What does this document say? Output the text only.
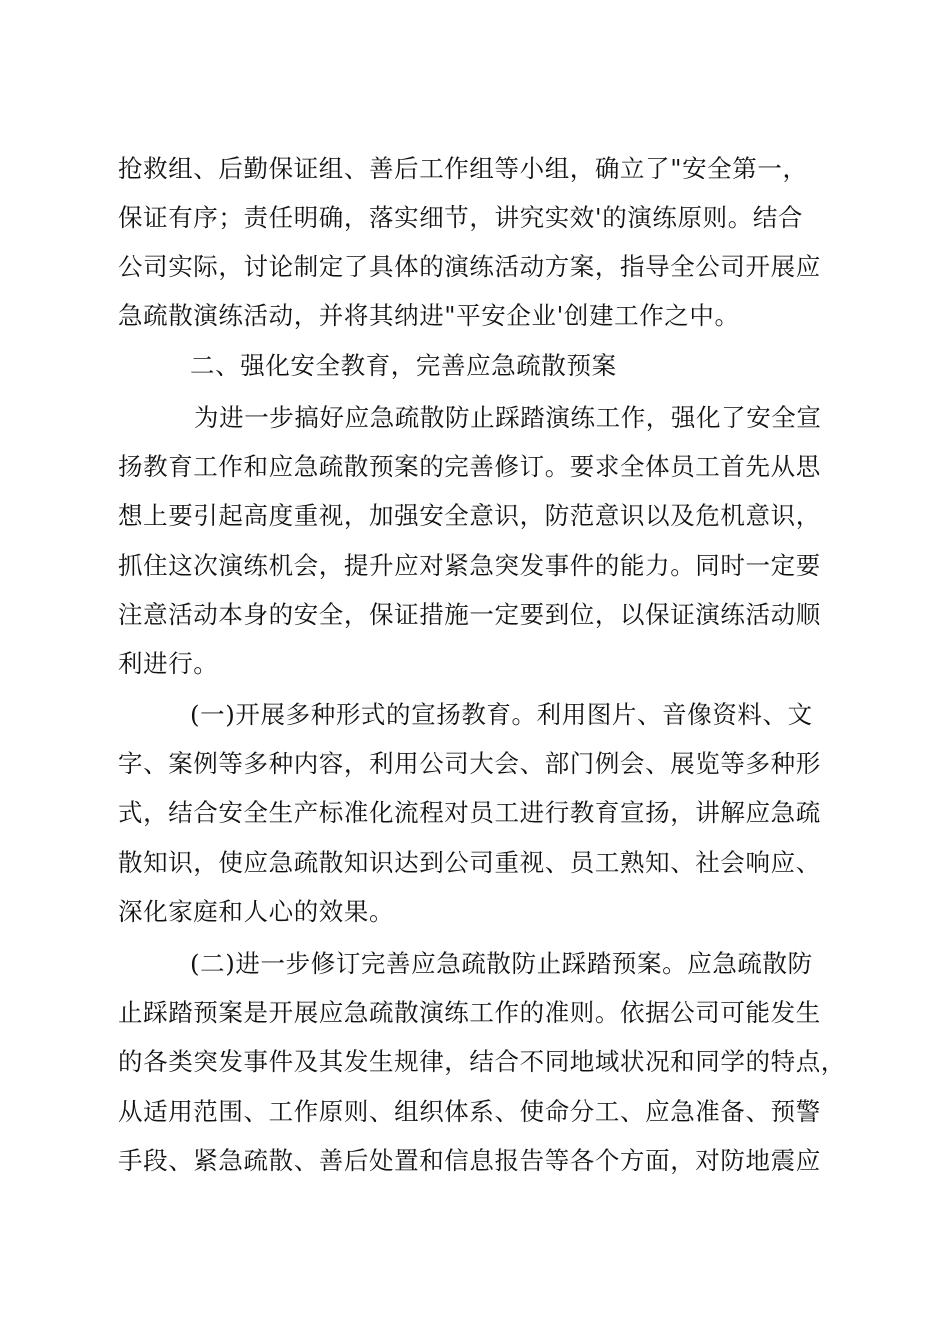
抢救组、后勤保证组、善后工作组等小组，确立了"安全第一，
保证有序；责任明确，落实细节，讲究实效'的演练原则。结合
公司实际，讨论制定了具体的演练活动方案，指导全公司开展应
急疏散演练活动，并将其纳进"平安企业'创建工作之中。
二、强化安全教育，完善应急疏散预案
为进一步搞好应急疏散防止踩踏演练工作，强化了安全宣
扬教育工作和应急疏散预案的完善修订。要求全体员工首先从思
想上要引起高度重视，加强安全意识，防范意识以及危机意识，
抓住这次演练机会，提升应对紧急突发事件的能力。同时一定要
注意活动本身的安全，保证措施一定要到位，以保证演练活动顺
利进行。
(一)开展多种形式的宣扬教育。利用图片、音像资料、文
字、案例等多种内容，利用公司大会、部门例会、展览等多种形
式，结合安全生产标准化流程对员工进行教育宣扬，讲解应急疏
散知识，使应急疏散知识达到公司重视、员工熟知、社会响应、
深化家庭和人心的效果。
(二)进一步修订完善应急疏散防止踩踏预案。应急疏散防
止踩踏预案是开展应急疏散演练工作的准则。依据公司可能发生
的各类突发事件及其发生规律，结合不同地域状况和同学的特点，
从适用范围、工作原则、组织体系、使命分工、应急准备、预警
手段、紧急疏散、善后处置和信息报告等各个方面，对防地震应
